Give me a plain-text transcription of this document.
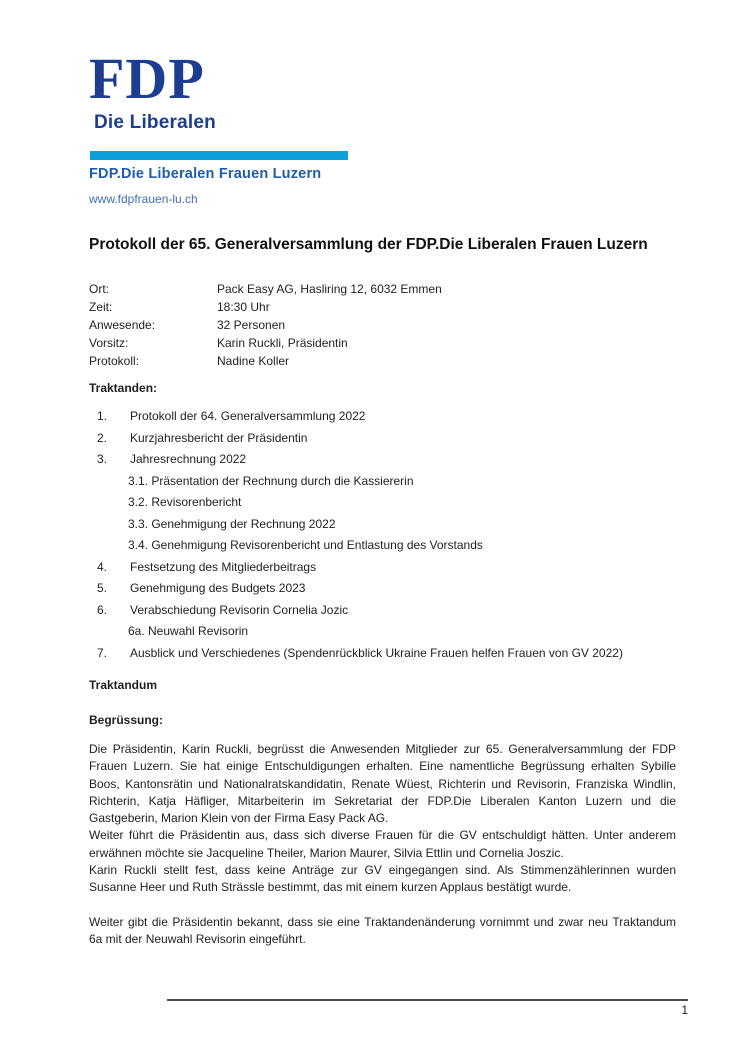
FDP
Die Liberalen
FDP.Die Liberalen Frauen Luzern
www.fdpfrauen-lu.ch
Protokoll der 65. Generalversammlung der FDP.Die Liberalen Frauen Luzern
Ort:	Pack Easy AG, Hasliring 12, 6032 Emmen
Zeit:	18:30 Uhr
Anwesende:	32 Personen
Vorsitz:	Karin Ruckli, Präsidentin
Protokoll:	Nadine Koller
Traktanden:
1.	Protokoll der 64. Generalversammlung 2022
2.	Kurzjahresbericht der Präsidentin
3.	Jahresrechnung 2022
3.1. Präsentation der Rechnung durch die Kassiererin
3.2. Revisorenbericht
3.3. Genehmigung der Rechnung 2022
3.4. Genehmigung Revisorenbericht und Entlastung des Vorstands
4.	Festsetzung des Mitgliederbeitrags
5.	Genehmigung des Budgets 2023
6.	Verabschiedung Revisorin Cornelia Jozic
6a. Neuwahl Revisorin
7.	Ausblick und Verschiedenes (Spendenrückblick Ukraine Frauen helfen Frauen von GV 2022)
Traktandum
Begrüssung:

Die Präsidentin, Karin Ruckli, begrüsst die Anwesenden Mitglieder zur 65. Generalversammlung der FDP Frauen Luzern. Sie hat einige Entschuldigungen erhalten. Eine namentliche Begrüssung erhalten Sybille Boos, Kantonsrätin und Nationalratskandidatin, Renate Wüest, Richterin und Revisorin, Franziska Windlin, Richterin, Katja Häfliger, Mitarbeiterin im Sekretariat der FDP.Die Liberalen Kanton Luzern und die Gastgeberin, Marion Klein von der Firma Easy Pack AG.

Weiter führt die Präsidentin aus, dass sich diverse Frauen für die GV entschuldigt hätten. Unter anderem erwähnen möchte sie Jacqueline Theiler, Marion Maurer, Silvia Ettlin und Cornelia Joszic.

Karin Ruckli stellt fest, dass keine Anträge zur GV eingegangen sind. Als Stimmenzählerinnen wurden Susanne Heer und Ruth Strässle bestimmt, das mit einem kurzen Applaus bestätigt wurde.

Weiter gibt die Präsidentin bekannt, dass sie eine Traktandenänderung vornimmt und zwar neu Traktandum 6a mit der Neuwahl Revisorin eingeführt.

1
